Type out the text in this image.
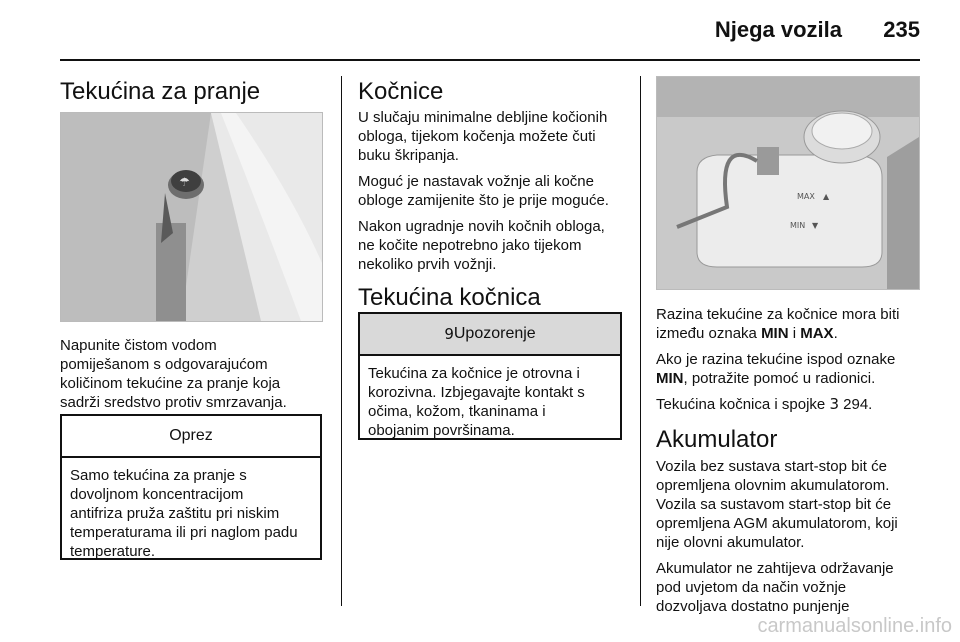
Njega vozila 235
Tekućina za pranje
☂

Napunite čistom vodom

pomiješanom s odgovarajućom

količinom tekućine za pranje koja

sadrži sredstvo protiv smrzavanja.

Oprez
Samo tekućina za pranje s
dovoljnom koncentracijom
antifriza pruža zaštitu pri niskim
temperaturama ili pri naglom padu
temperature.
Kočnice

U slučaju minimalne debljine kočionih

obloga, tijekom kočenja možete čuti

buku škripanja.

Moguć je nastavak vožnje ali kočne

obloge zamijenite što je prije moguće.

Nakon ugradnje novih kočnih obloga,

ne kočite nepotrebno jako tijekom

nekoliko prvih vožnji.

Tekućina kočnica
9 Upozorenje
Tekućina za kočnice je otrovna i
korozivna. Izbjegavajte kontakt s
očima, kožom, tkaninama i
obojanim površinama.
MAX
MIN
▲
▼

Razina tekućine za kočnice mora biti

između oznaka MIN i MAX.

Ako je razina tekućine ispod oznake

MIN, potražite pomoć u radionici.

Tekućina kočnica i spojke 3 294.

Akumulator

Vozila bez sustava start-stop bit će

opremljena olovnim akumulatorom.

Vozila sa sustavom start-stop bit će

opremljena AGM akumulatorom, koji

nije olovni akumulator.

Akumulator ne zahtijeva održavanje

pod uvjetom da način vožnje

dozvoljava dostatno punjenje

carmanualsonline.info
